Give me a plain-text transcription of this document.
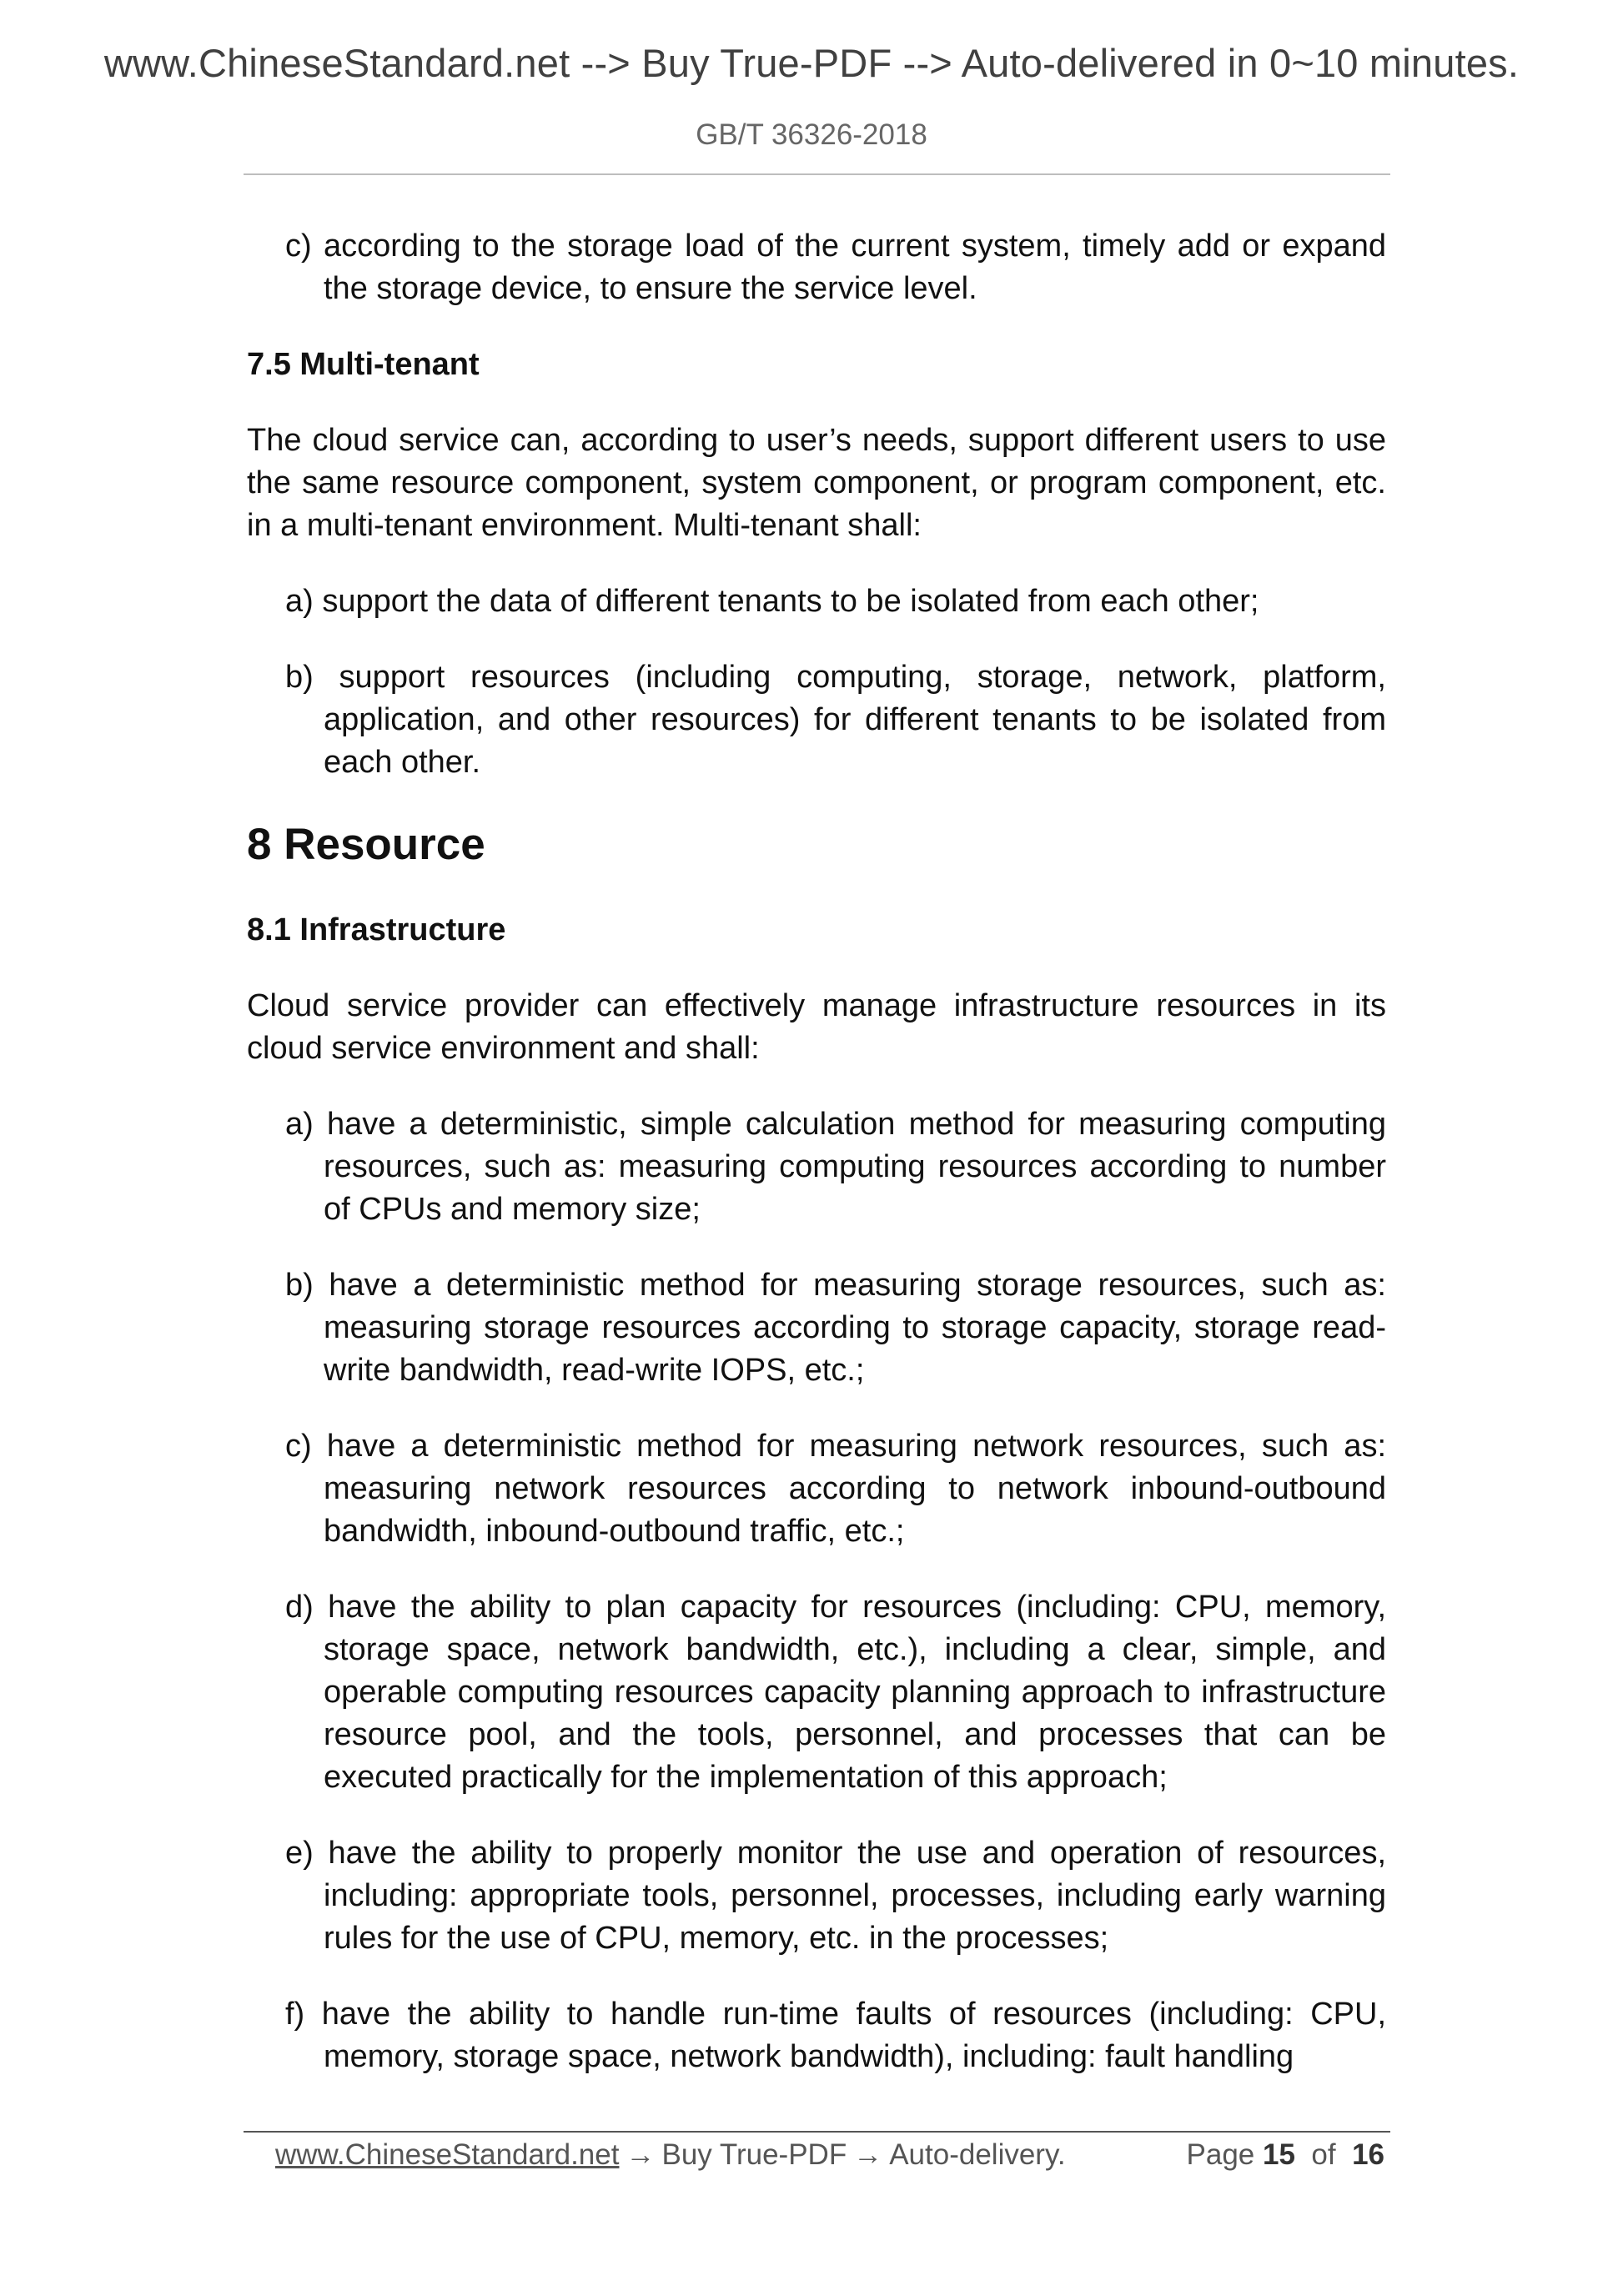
www.ChineseStandard.net --> Buy True-PDF --> Auto-delivered in 0~10 minutes.
GB/T 36326-2018

c) according to the storage load of the current system, timely add or expand the storage device, to ensure the service level.

7.5 Multi-tenant

The cloud service can, according to user’s needs, support different users to use the same resource component, system component, or program component, etc. in a multi-tenant environment. Multi-tenant shall:

a) support the data of different tenants to be isolated from each other;

b) support resources (including computing, storage, network, platform, application, and other resources) for different tenants to be isolated from each other.

8 Resource

8.1 Infrastructure

Cloud service provider can effectively manage infrastructure resources in its cloud service environment and shall:

a) have a deterministic, simple calculation method for measuring computing resources, such as: measuring computing resources according to number of CPUs and memory size;

b) have a deterministic method for measuring storage resources, such as: measuring storage resources according to storage capacity, storage read-write bandwidth, read-write IOPS, etc.;

c) have a deterministic method for measuring network resources, such as: measuring network resources according to network inbound-outbound bandwidth, inbound-outbound traffic, etc.;

d) have the ability to plan capacity for resources (including: CPU, memory, storage space, network bandwidth, etc.), including a clear, simple, and operable computing resources capacity planning approach to infrastructure resource pool, and the tools, personnel, and processes that can be executed practically for the implementation of this approach;

e) have the ability to properly monitor the use and operation of resources, including: appropriate tools, personnel, processes, including early warning rules for the use of CPU, memory, etc. in the processes;

f) have the ability to handle run-time faults of resources (including: CPU, memory, storage space, network bandwidth), including: fault handling

www.ChineseStandard.net → Buy True-PDF → Auto-delivery.	Page 15 of 16
